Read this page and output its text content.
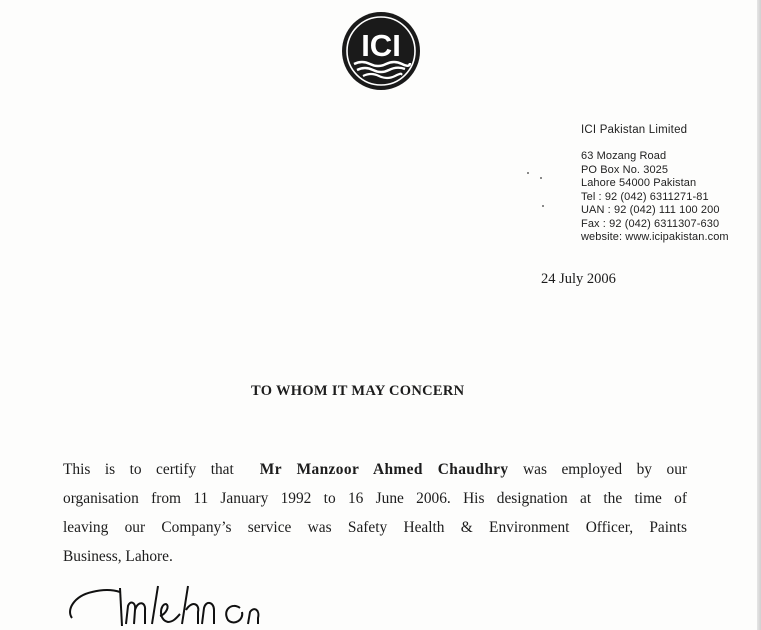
ICI
ICI Pakistan Limited
63 Mozang Road
PO Box No. 3025
Lahore 54000 Pakistan
Tel : 92 (042) 6311271-81
UAN : 92 (042) 111 100 200
Fax : 92 (042) 6311307-630
website: www.icipakistan.com
24 July 2006
TO WHOM IT MAY CONCERN
This is to certify that Mr Manzoor Ahmed Chaudhry was employed by our
organisation from 11 January 1992 to 16 June 2006. His designation at the time of
leaving our Company’s service was Safety Health & Environment Officer, Paints
Business, Lahore.
